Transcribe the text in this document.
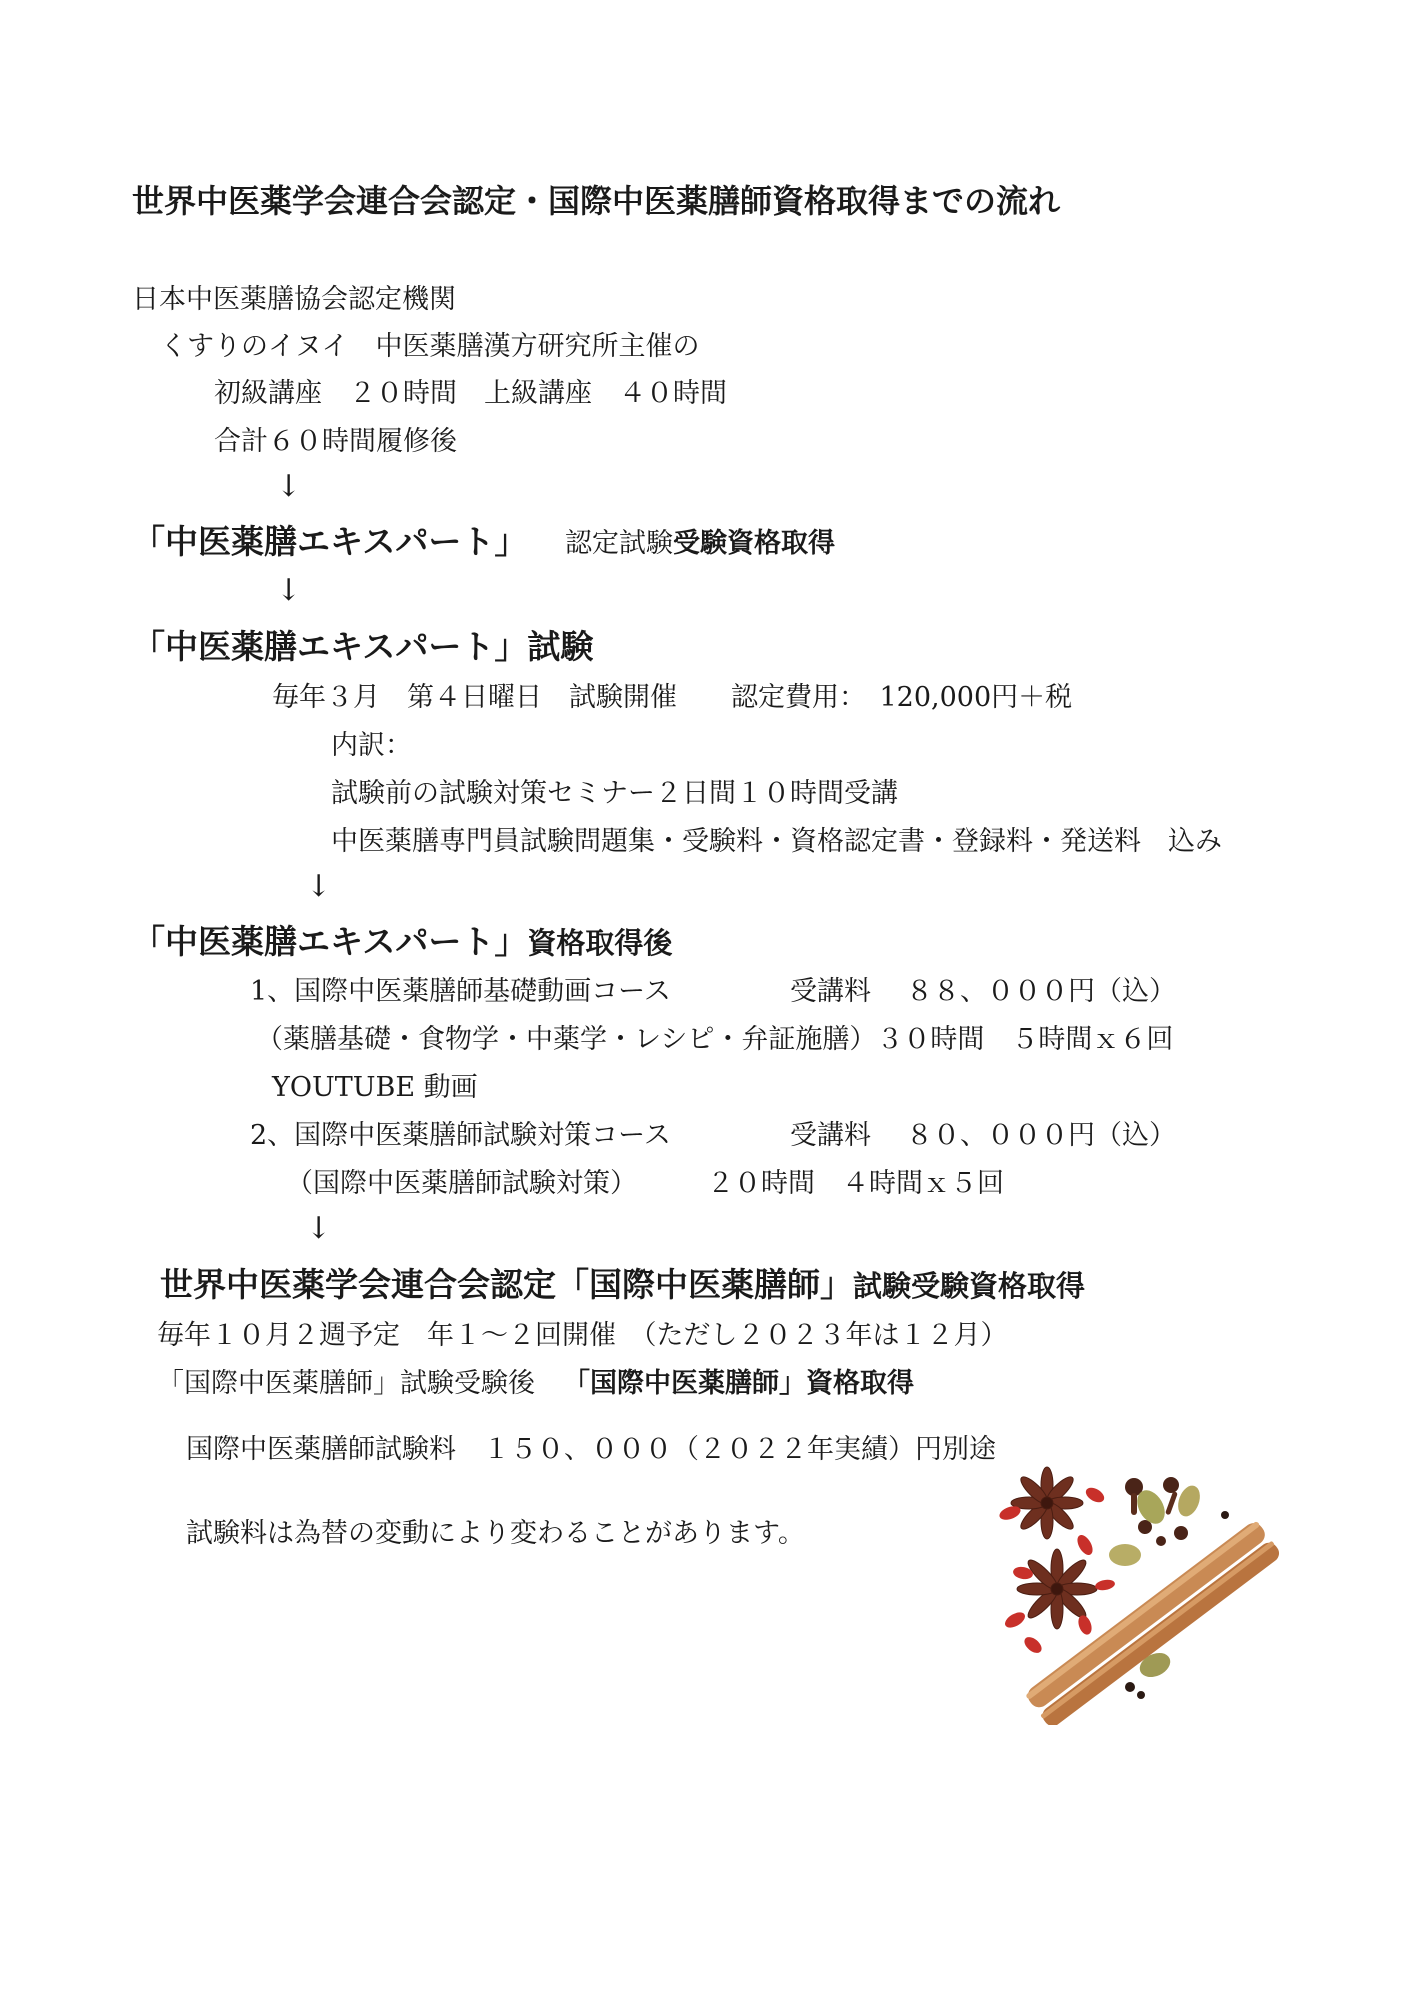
世界中医薬学会連合会認定・国際中医薬膳師資格取得までの流れ
日本中医薬膳協会認定機関
くすりのイヌイ　中医薬膳漢方研究所主催の
初級講座　２０時間　上級講座　４０時間
合計６０時間履修後
↓
「中医薬膳エキスパート」 認定試験受験資格取得
↓
「中医薬膳エキスパート」試験
毎年３月　第４日曜日　試験開催　　認定費用：　120,000円＋税
内訳：
試験前の試験対策セミナー２日間１０時間受講
中医薬膳専門員試験問題集・受験料・資格認定書・登録料・発送料　込み
↓
「中医薬膳エキスパート」資格取得後
1、国際中医薬膳師基礎動画コース	受講料 ８８、０００円（込）
（薬膳基礎・食物学・中薬学・レシピ・弁証施膳）３０時間　５時間ｘ６回
YOUTUBE 動画
2、国際中医薬膳師試験対策コース	受講料 ８０、０００円（込）
（国際中医薬膳師試験対策）	２０時間　４時間ｘ５回
↓
世界中医薬学会連合会認定「国際中医薬膳師」試験受験資格取得
毎年１０月２週予定　年１～２回開催　（ただし２０２３年は１２月）
「国際中医薬膳師」試験受験後 「国際中医薬膳師」資格取得
国際中医薬膳師試験料　１５０、０００（２０２２年実績）円別途
試験料は為替の変動により変わることがあります。
